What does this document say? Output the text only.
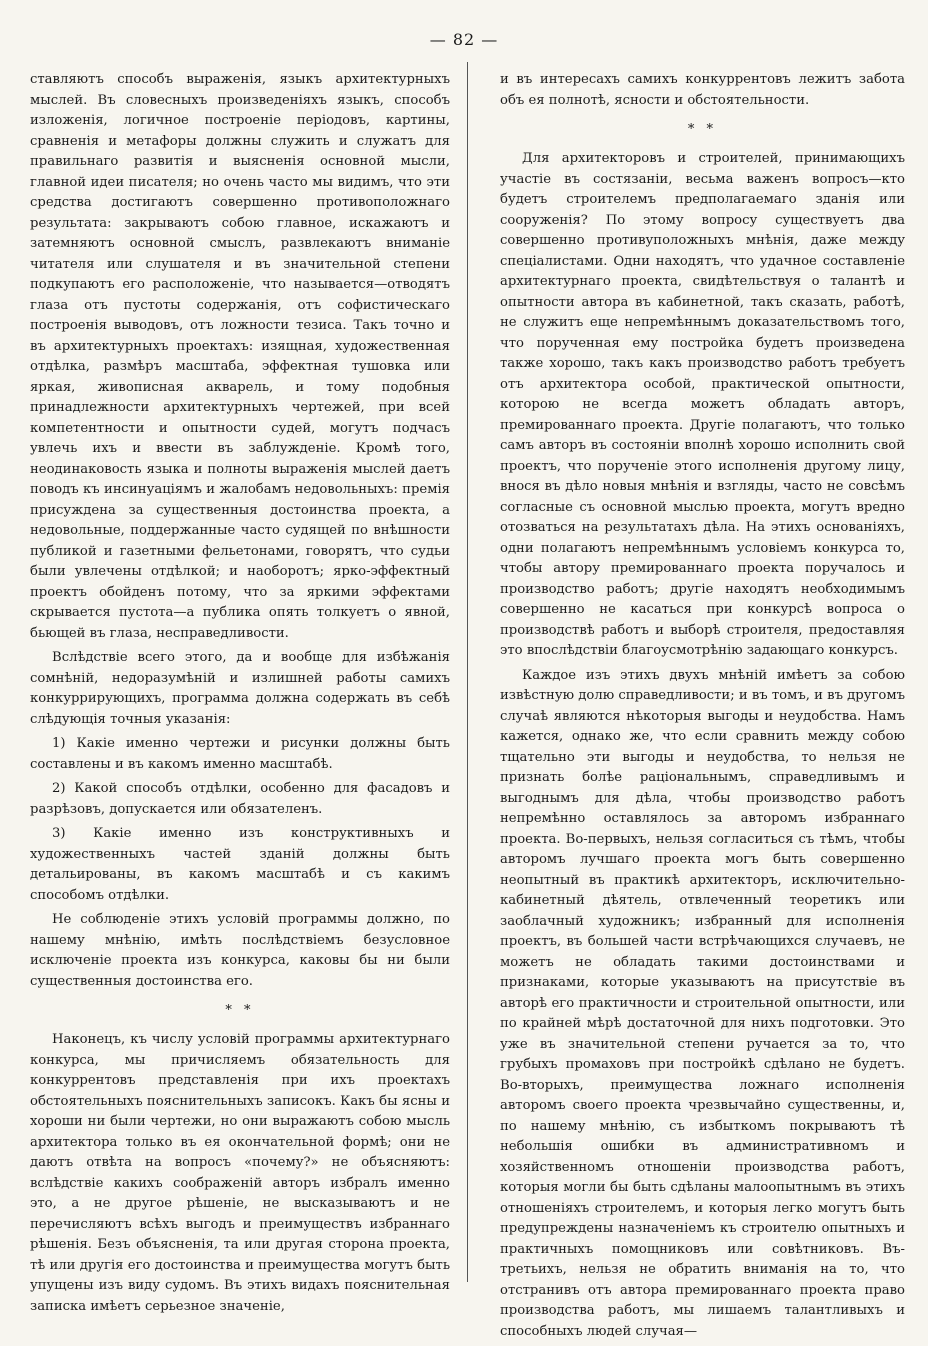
— 82 —

ставляютъ способъ выраженія, языкъ архитектурныхъ мыслей. Въ словесныхъ произведеніяхъ языкъ, способъ изложенія, логичное построеніе періодовъ, картины, сравненія и метафоры должны служить и служатъ для правильнаго развитія и выясненія основной мысли, главной идеи писателя; но очень часто мы видимъ, что эти средства достигаютъ совершенно противоположнаго результата: закрываютъ собою главное, искажаютъ и затемняютъ основной смыслъ, развлекаютъ вниманіе читателя или слушателя и въ значительной степени подкупаютъ его расположеніе, что называется—отводятъ глаза отъ пустоты содержанія, отъ софистическаго построенія выводовъ, отъ ложности тезиса. Такъ точно и въ архитектурныхъ проектахъ: изящная, художественная отдѣлка, размѣръ масштаба, эффектная тушовка или яркая, живописная акварель, и тому подобныя принадлежности архитектурныхъ чертежей, при всей компетентности и опытности судей, могутъ подчасъ увлечь ихъ и ввести въ заблужденіе. Кромѣ того, неодинаковость языка и полноты выраженія мыслей даетъ поводъ къ инсинуаціямъ и жалобамъ недовольныхъ: премія присуждена за существенныя достоинства проекта, а недовольные, поддержанные часто судящей по внѣшности публикой и газетными фельетонами, говорятъ, что судьи были увлечены отдѣлкой; и наоборотъ; ярко-эффектный проектъ обойденъ потому, что за яркими эффектами скрывается пустота—а публика опять толкуетъ о явной, бьющей въ глаза, несправедливости.

Вслѣдствіе всего этого, да и вообще для избѣжанія сомнѣній, недоразумѣній и излишней работы самихъ конкуррирующихъ, программа должна содержать въ себѣ слѣдующія точныя указанія:

1) Какіе именно чертежи и рисунки должны быть составлены и въ какомъ именно масштабѣ.

2) Какой способъ отдѣлки, особенно для фасадовъ и разрѣзовъ, допускается или обязателенъ.

3) Какіе именно изъ конструктивныхъ и художественныхъ частей зданій должны быть детальированы, въ какомъ масштабѣ и съ какимъ способомъ отдѣлки.

Не соблюденіе этихъ условій программы должно, по нашему мнѣнію, имѣть послѣдствіемъ безусловное исключеніе проекта изъ конкурса, каковы бы ни были существенныя достоинства его.

* *

Наконецъ, къ числу условій программы архитектурнаго конкурса, мы причисляемъ обязательность для конкуррентовъ представленія при ихъ проектахъ обстоятельныхъ пояснительныхъ записокъ. Какъ бы ясны и хороши ни были чертежи, но они выражаютъ собою мысль архитектора только въ ея окончательной формѣ; они не даютъ отвѣта на вопросъ «почему?» не объясняютъ: вслѣдствіе какихъ соображеній авторъ избралъ именно это, а не другое рѣшеніе, не высказываютъ и не перечисляютъ всѣхъ выгодъ и преимуществъ избраннаго рѣшенія. Безъ объясненія, та или другая сторона проекта, тѣ или другія его достоинства и преимущества могутъ быть упущены изъ виду судомъ. Въ этихъ видахъ пояснительная записка имѣетъ серьезное значеніе,

и въ интересахъ самихъ конкуррентовъ лежитъ забота объ ея полнотѣ, ясности и обстоятельности.

* *

Для архитекторовъ и строителей, принимающихъ участіе въ состязаніи, весьма важенъ вопросъ—кто будетъ строителемъ предполагаемаго зданія или сооруженія? По этому вопросу существуетъ два совершенно противуположныхъ мнѣнія, даже между спеціалистами. Одни находятъ, что удачное составленіе архитектурнаго проекта, свидѣтельствуя о талантѣ и опытности автора въ кабинетной, такъ сказать, работѣ, не служитъ еще непремѣннымъ доказательствомъ того, что порученная ему постройка будетъ произведена также хорошо, такъ какъ производство работъ требуетъ отъ архитектора особой, практической опытности, которою не всегда можетъ обладать авторъ, премированнаго проекта. Другіе полагаютъ, что только самъ авторъ въ состояніи вполнѣ хорошо исполнить свой проектъ, что порученіе этого исполненія другому лицу, внося въ дѣло новыя мнѣнія и взгляды, часто не совсѣмъ согласные съ основной мыслью проекта, могутъ вредно отозваться на результатахъ дѣла. На этихъ основаніяхъ, одни полагаютъ непремѣннымъ условіемъ конкурса то, чтобы автору премированнаго проекта поручалось и производство работъ; другіе находятъ необходимымъ совершенно не касаться при конкурсѣ вопроса о производствѣ работъ и выборѣ строителя, предоставляя это впослѣдствіи благоусмотрѣнію задающаго конкурсъ.

Каждое изъ этихъ двухъ мнѣній имѣетъ за собою извѣстную долю справедливости; и въ томъ, и въ другомъ случаѣ являются нѣкоторыя выгоды и неудобства. Намъ кажется, однако же, что если сравнить между собою тщательно эти выгоды и неудобства, то нельзя не признать болѣе раціональнымъ, справедливымъ и выгоднымъ для дѣла, чтобы производство работъ непремѣнно оставлялось за авторомъ избраннаго проекта. Во-первыхъ, нельзя согласиться съ тѣмъ, чтобы авторомъ лучшаго проекта могъ быть совершенно неопытный въ практикѣ архитекторъ, исключительно-кабинетный дѣятель, отвлеченный теоретикъ или заоблачный художникъ; избранный для исполненія проектъ, въ большей части встрѣчающихся случаевъ, не можетъ не обладать такими достоинствами и признаками, которые указываютъ на присутствіе въ авторѣ его практичности и строительной опытности, или по крайней мѣрѣ достаточной для нихъ подготовки. Это уже въ значительной степени ручается за то, что грубыхъ промаховъ при постройкѣ сдѣлано не будетъ. Во-вторыхъ, преимущества ложнаго исполненія авторомъ своего проекта чрезвычайно существенны, и, по нашему мнѣнію, съ избыткомъ покрываютъ тѣ небольшія ошибки въ административномъ и хозяйственномъ отношеніи производства работъ, которыя могли бы быть сдѣланы малоопытнымъ въ этихъ отношеніяхъ строителемъ, и которыя легко могутъ быть предупреждены назначеніемъ къ строителю опытныхъ и практичныхъ помощниковъ или совѣтниковъ. Въ-третьихъ, нельзя не обратить вниманія на то, что отстранивъ отъ автора премированнаго проекта право производства работъ, мы лишаемъ талантливыхъ и способныхъ людей случая—
